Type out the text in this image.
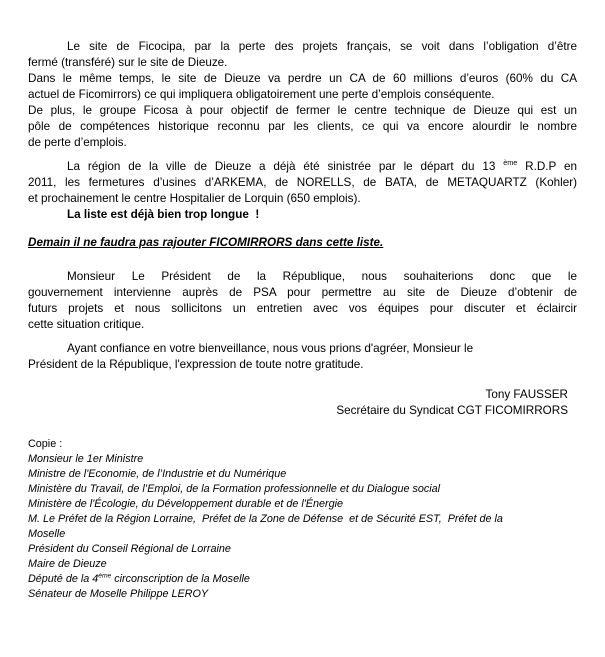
Le site de Ficocipa, par la perte des projets français, se voit dans l’obligation d’être
fermé (transféré) sur le site de Dieuze.
Dans le même temps, le site de Dieuze va perdre un CA de 60 millions d’euros (60% du CA
actuel de Ficomirrors) ce qui impliquera obligatoirement une perte d’emplois conséquente.
De plus, le groupe Ficosa à pour objectif de fermer le centre technique de Dieuze qui est un
pôle de compétences historique reconnu par les clients, ce qui va encore alourdir le nombre
de perte d’emplois.
La région de la ville de Dieuze a déjà été sinistrée par le départ du 13 $^{ème}$ R.D.P en
2011, les fermetures d’usines d’ARKEMA, de NORELLS, de BATA, de METAQUARTZ (Kohler)
et prochainement le centre Hospitalier de Lorquin (650 emplois).
La liste est déjà bien trop longue  !
Demain il ne faudra pas rajouter FICOMIRRORS dans cette liste.
Monsieur Le Président de la République, nous souhaiterions donc que le
gouvernement intervienne auprès de PSA pour permettre au site de Dieuze d’obtenir de
futurs projets et nous sollicitons un entretien avec vos équipes pour discuter et éclaircir
cette situation critique.
Ayant confiance en votre bienveillance, nous vous prions d'agréer, Monsieur le
Président de la République, l'expression de toute notre gratitude.
Tony FAUSSER
Secrétaire du Syndicat CGT FICOMIRRORS
Copie :
Monsieur le 1er Ministre
Ministre de l'Economie, de l’Industrie et du Numérique
Ministère du Travail, de l’Emploi, de la Formation professionnelle et du Dialogue social
Ministère de l'Écologie, du Développement durable et de l'Énergie
M. Le Préfet de la Région Lorraine,  Préfet de la Zone de Défense  et de Sécurité EST,  Préfet de la
Moselle
Président du Conseil Régional de Lorraine
Maire de Dieuze
Député de la 4ème circonscription de la Moselle
Sénateur de Moselle Philippe LEROY
